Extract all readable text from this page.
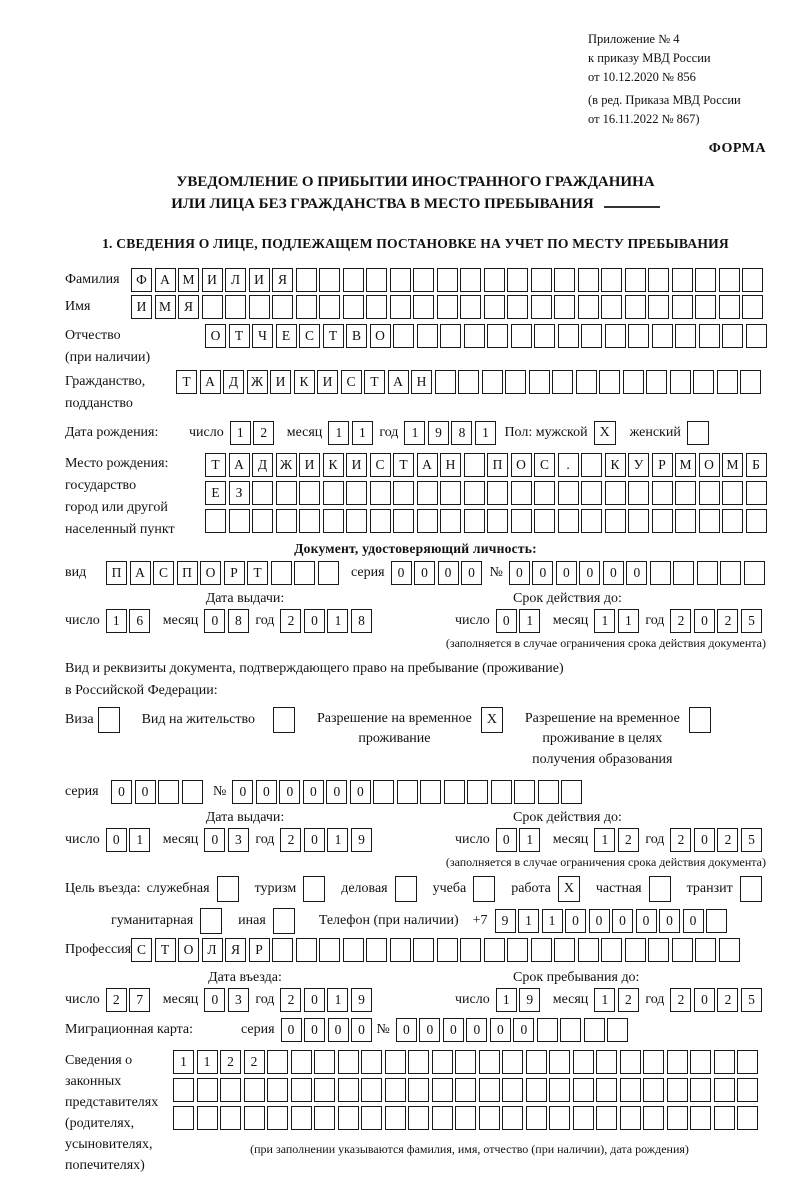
Приложение № 4
к приказу МВД России
от 10.12.2020 № 856
(в ред. Приказа МВД России
от 16.11.2022 № 867)
ФОРМА
УВЕДОМЛЕНИЕ О ПРИБЫТИИ ИНОСТРАННОГО ГРАЖДАНИНА
ИЛИ ЛИЦА БЕЗ ГРАЖДАНСТВА В МЕСТО ПРЕБЫВАНИЯ
1. СВЕДЕНИЯ О ЛИЦЕ, ПОДЛЕЖАЩЕМ ПОСТАНОВКЕ НА УЧЕТ ПО МЕСТУ ПРЕБЫВАНИЯ
Фамилия	Ф А М И	Л	И	Я
Имя	И М Я
Отчество
(при наличии)
О	Т	Ч	Е	С	Т	В	О
Гражданство,
подданство
Т	А	Д Ж И	К	И	С	Т	А	Н
Дата рождения:	число 1	2	месяц 1	1 год 1	9	8	1	Пол: мужской X	женский
Место рождения:
государство
город или другой
населенный пункт
Т	А	Д Ж И	К	И	С	Т	А	Н	П	О	С	.	К	У	Р	М О М	Б
Е	З
Документ, удостоверяющий личность:
вид	П	А	С	П	О	Р	Т	серия 0	0	0	0	№ 0	0	0	0	0	0
Дата выдачи:	Срок действия до:
число 1	6	месяц 0	8 год 2	0	1	8	число 0	1	месяц 1	1 год 2	0	2	5
(заполняется в случае ограничения срока действия документа)
Вид и реквизиты документа, подтверждающего право на пребывание (проживание)
в Российской Федерации:
Виза	Вид на жительство	Разрешение на временное
проживание
X	Разрешение на временное
проживание в целях
получения образования
серия	0	0	№ 0	0	0	0	0	0
Дата выдачи:	Срок действия до:
число 0	1	месяц 0	3 год 2	0	1	9	число 0	1	месяц 1	2 год 2	0	2	5
(заполняется в случае ограничения срока действия документа)
Цель въезда: служебная	туризм	деловая	учеба	работа X	частная	транзит
гуманитарная	иная	Телефон (при наличии) +7	9	1	1	0	0	0	0	0	0
Профессия С	Т	О	Л	Я	Р
Дата въезда:	Срок пребывания до:
число 2	7	месяц 0	3 год 2	0	1	9	число 1	9	месяц 1	2 год 2	0	2	5
Миграционная карта:	серия 0	0	0	0 № 0	0	0	0	0	0
Сведения о
законных
представителях
(родителях,
усыновителях,
попечителях)
1	1	2	2
(при заполнении указываются фамилия, имя, отчество (при наличии), дата рождения)
